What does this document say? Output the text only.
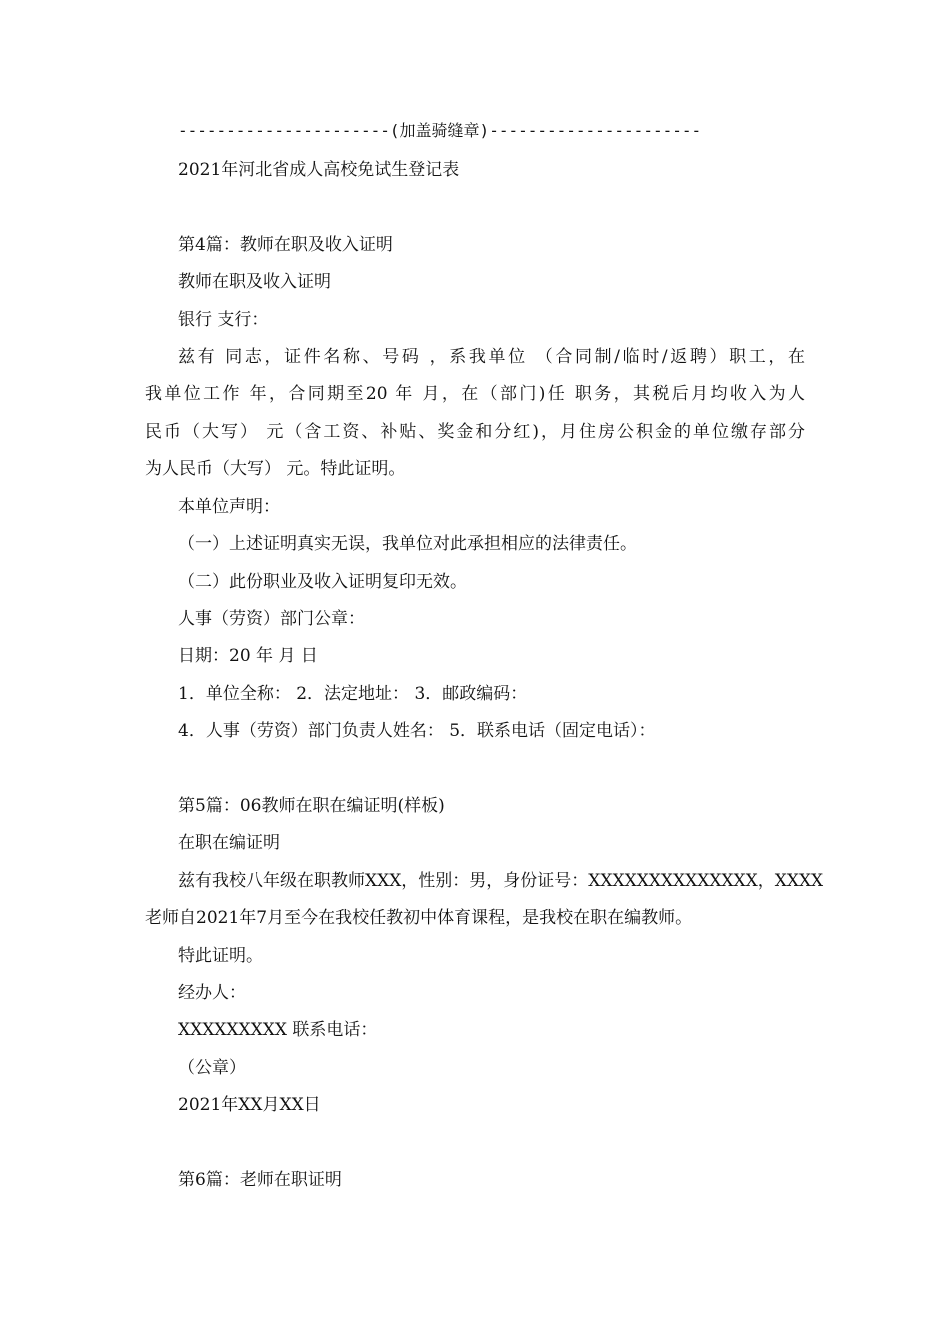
----------------------(加盖骑缝章)----------------------
2021年河北省成人高校免试生登记表
第4篇：教师在职及收入证明
教师在职及收入证明
银行 支行：
兹有 同志，证件名称、号码 ，系我单位 （合同制/临时/返聘）职工，在
我单位工作 年，合同期至20 年 月，在（部门)任 职务，其税后月均收入为人
民币（大写） 元（含工资、补贴、奖金和分红)，月住房公积金的单位缴存部分
为人民币（大写） 元。特此证明。
本单位声明：
（一）上述证明真实无误，我单位对此承担相应的法律责任。
（二）此份职业及收入证明复印无效。
人事（劳资）部门公章：
日期：20 年 月 日
1．单位全称： 2．法定地址： 3．邮政编码：
4．人事（劳资）部门负责人姓名： 5．联系电话（固定电话）：
第5篇：06教师在职在编证明(样板)
在职在编证明
兹有我校八年级在职教师XXX，性别：男，身份证号：XXXXXXXXXXXXXX，XXXX
老师自2021年7月至今在我校任教初中体育课程，是我校在职在编教师。
特此证明。
经办人：
XXXXXXXXX 联系电话：
（公章）
2021年XX月XX日
第6篇：老师在职证明
